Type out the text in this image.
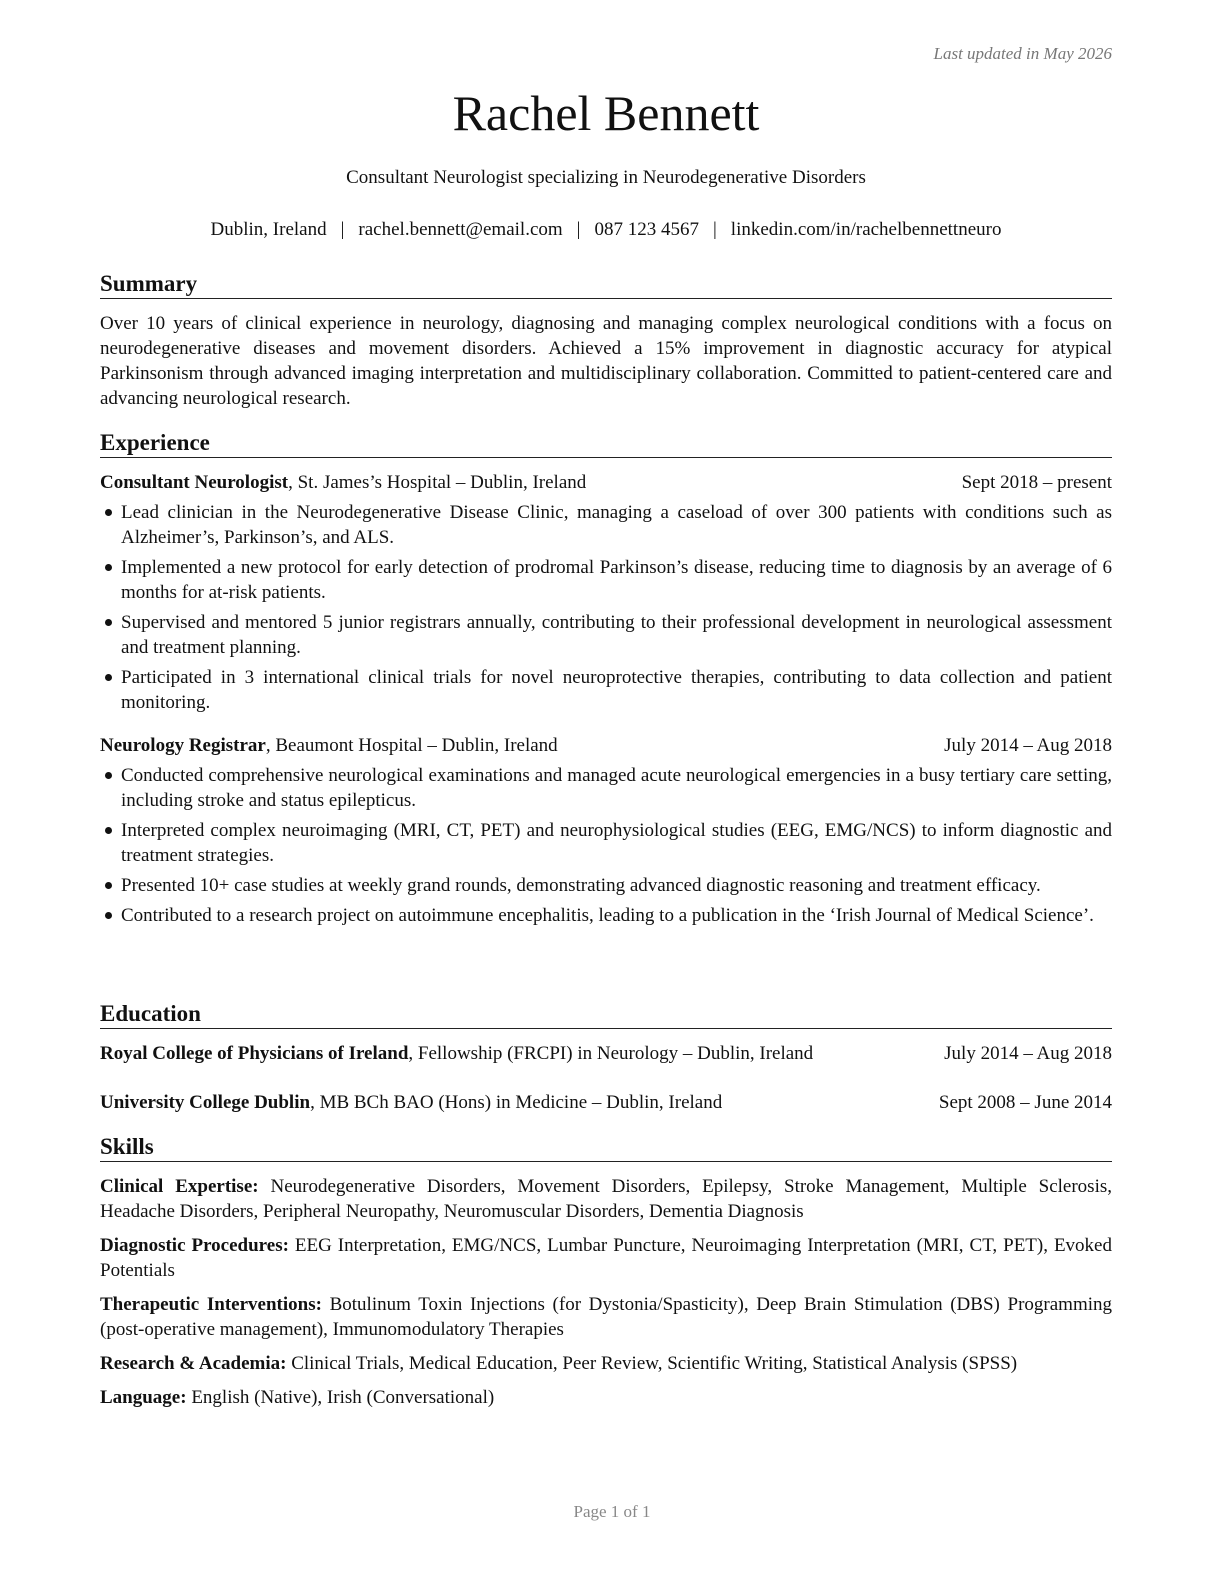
Last updated in May 2026
Rachel Bennett
Consultant Neurologist specializing in Neurodegenerative Disorders
Dublin, Ireland | rachel.bennett@email.com | 087 123 4567 | linkedin.com/in/rachelbennettneuro
Summary

Over 10 years of clinical experience in neurology, diagnosing and managing complex neurological conditions with a focus on neurodegenerative diseases and movement disorders. Achieved a 15% improvement in diagnostic accuracy for atypical Parkinsonism through advanced imaging interpretation and multidisciplinary collaboration. Committed to patient-centered care and advancing neurological research.

Experience
Consultant Neurologist, St. James’s Hospital – Dublin, Ireland	Sept 2018 – present
Lead clinician in the Neurodegenerative Disease Clinic, managing a caseload of over 300 patients with conditions such as Alzheimer’s, Parkinson’s, and ALS.
Implemented a new protocol for early detection of prodromal Parkinson’s disease, reducing time to diagnosis by an average of 6 months for at-risk patients.
Supervised and mentored 5 junior registrars annually, contributing to their professional development in neurological assessment and treatment planning.
Participated in 3 international clinical trials for novel neuroprotective therapies, contributing to data collection and patient monitoring.
Neurology Registrar, Beaumont Hospital – Dublin, Ireland	July 2014 – Aug 2018
Conducted comprehensive neurological examinations and managed acute neurological emergencies in a busy tertiary care setting, including stroke and status epilepticus.
Interpreted complex neuroimaging (MRI, CT, PET) and neurophysiological studies (EEG, EMG/NCS) to inform diagnostic and treatment strategies.
Presented 10+ case studies at weekly grand rounds, demonstrating advanced diagnostic reasoning and treatment efficacy.
Contributed to a research project on autoimmune encephalitis, leading to a publication in the ‘Irish Journal of Medical Science’.
Education
Royal College of Physicians of Ireland, Fellowship (FRCPI) in Neurology – Dublin, Ireland	July 2014 – Aug 2018
University College Dublin, MB BCh BAO (Hons) in Medicine – Dublin, Ireland	Sept 2008 – June 2014
Skills

Clinical Expertise: Neurodegenerative Disorders, Movement Disorders, Epilepsy, Stroke Management, Multiple Sclerosis, Headache Disorders, Peripheral Neuropathy, Neuromuscular Disorders, Dementia Diagnosis

Diagnostic Procedures: EEG Interpretation, EMG/NCS, Lumbar Puncture, Neuroimaging Interpretation (MRI, CT, PET), Evoked Potentials

Therapeutic Interventions: Botulinum Toxin Injections (for Dystonia/Spasticity), Deep Brain Stimulation (DBS) Programming (post-operative management), Immunomodulatory Therapies

Research & Academia: Clinical Trials, Medical Education, Peer Review, Scientific Writing, Statistical Analysis (SPSS)

Language: English (Native), Irish (Conversational)

Page 1 of 1
